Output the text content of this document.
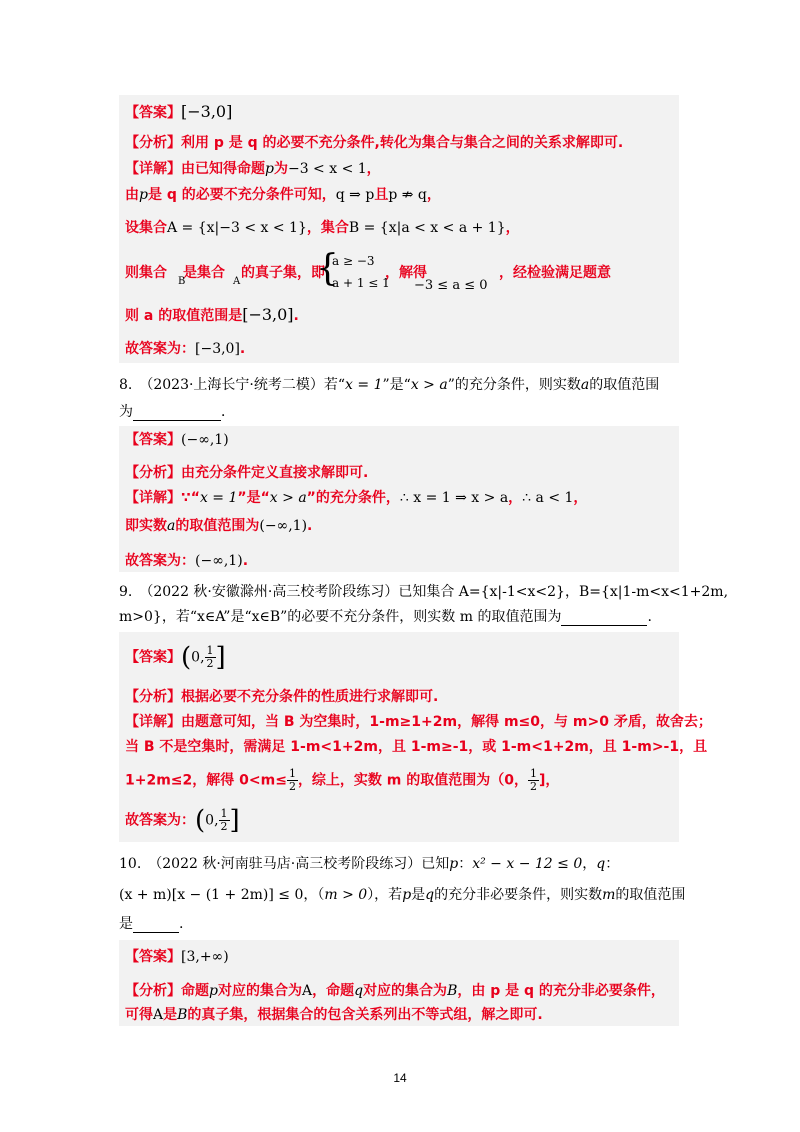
【答案】[−3,0]
【分析】利用 p 是 q 的必要不充分条件,转化为集合与集合之间的关系求解即可.
【详解】由已知得命题p为−3 < x < 1，
由p是 q 的必要不充分条件可知，q ⇒ p且p ⇏ q，
设集合A = {x|−3 < x < 1}，集合B = {x|a < x < a + 1}，
则集合 是集合 的真子集，即	，解得	，经检验满足题意
B	A {
a ≥ −3
a + 1 ≤ 1 −3 ≤ a ≤ 0
则 a 的取值范围是[−3,0].
故答案为：[−3,0].
8.　（2023·上海长宁·统考二模）若“x = 1”是“x > a”的充分条件，则实数a的取值范围
为	．
【答案】(−∞,1)
【分析】由充分条件定义直接求解即可.
【详解】∵“x = 1”是“x > a”的充分条件，∴ x = 1 ⇒ x > a，∴ a < 1，
即实数a的取值范围为(−∞,1).
故答案为：(−∞,1).
9.　（2022 秋·安徽滁州·高三校考阶段练习）已知集合 A={x|-1<x<2}，B={x|1-m<x<1+2m,
m>0}，若“x∈A”是“x∈B”的必要不充分条件，则实数 m 的取值范围为	.
【答案】(0, $\frac{1}{2}$ ]
【分析】根据必要不充分条件的性质进行求解即可.
【详解】由题意可知，当 B 为空集时，1-m≥1+2m，解得 m≤0，与 m>0 矛盾，故舍去；
当 B 不是空集时，需满足 1-m<1+2m，且 1-m≥-1，或 1-m<1+2m，且 1-m>-1，且
1+2m≤2，解得 $0<m\le \frac{1}{2}$ ，综上，实数 m 的取值范围为（0， $\frac{1}{2}$ ]，
故答案为：(0, $\frac{1}{2}$ ]
10.　（2022 秋·河南驻马店·高三校考阶段练习）已知p：x² − x − 12 ≤ 0，q：
(x + m)[x − (1 + 2m)] ≤ 0，（m > 0），若p是q的充分非必要条件，则实数m的取值范围
是	.
【答案】[3,+∞)
【分析】命题p对应的集合为A，命题q对应的集合为B，由 p 是 q 的充分非必要条件，
可得A是B的真子集，根据集合的包含关系列出不等式组，解之即可.
14
